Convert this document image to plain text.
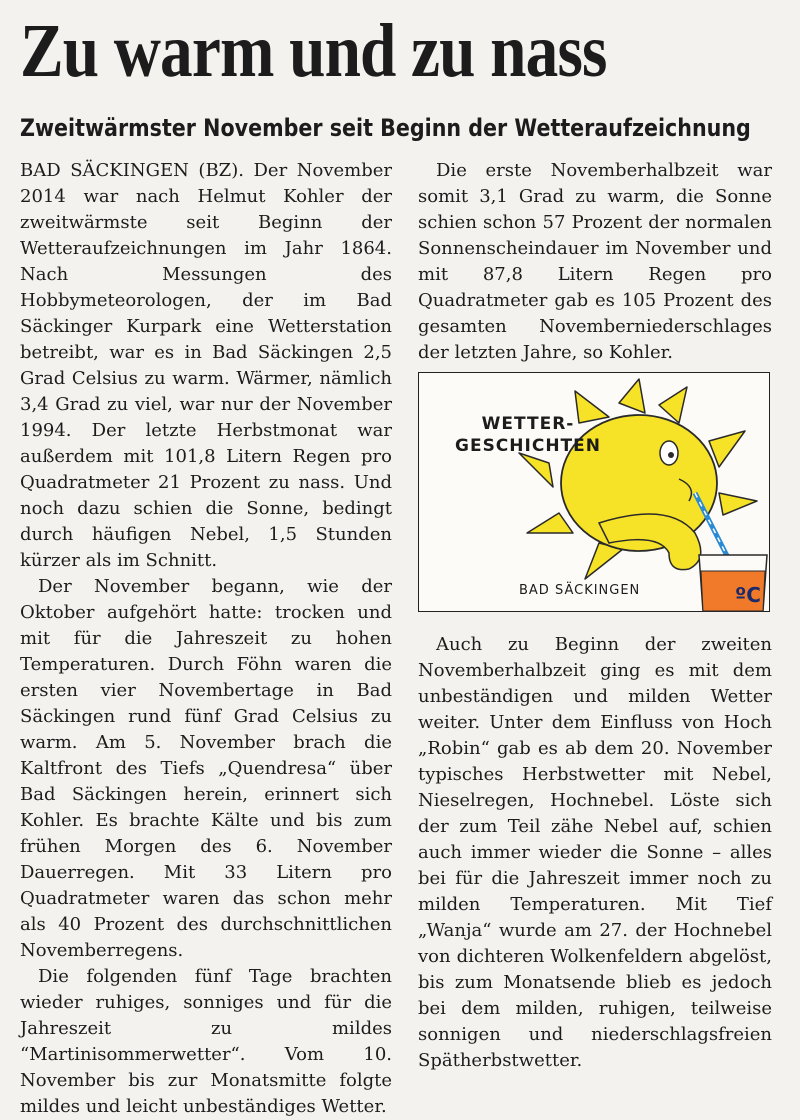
Zu warm und zu nass
Zweitwärmster November seit Beginn der Wetteraufzeichnung

BAD SÄCKINGEN (BZ). Der November 2014 war nach Helmut Kohler der zweitwärmste seit Beginn der Wetteraufzeichnungen im Jahr 1864. Nach Messungen des Hobbymeteorologen, der im Bad Säckinger Kurpark eine Wetterstation betreibt, war es in Bad Säckingen 2,5 Grad Celsius zu warm. Wärmer, nämlich 3,4 Grad zu viel, war nur der November 1994. Der letzte Herbstmonat war außerdem mit 101,8 Litern Regen pro Quadratmeter 21 Prozent zu nass. Und noch dazu schien die Sonne, bedingt durch häufigen Nebel, 1,5 Stunden kürzer als im Schnitt.

Der November begann, wie der Oktober aufgehört hatte: trocken und mit für die Jahreszeit zu hohen Temperaturen. Durch Föhn waren die ersten vier Novembertage in Bad Säckingen rund fünf Grad Celsius zu warm. Am 5. November brach die Kaltfront des Tiefs „Quendresa“ über Bad Säckingen herein, erinnert sich Kohler. Es brachte Kälte und bis zum frühen Morgen des 6. November Dauerregen. Mit 33 Litern pro Quadratmeter waren das schon mehr als 40 Prozent des durchschnittlichen Novemberregens.

Die folgenden fünf Tage brachten wieder ruhiges, sonniges und für die Jahreszeit zu mildes “Martinisommerwetter“. Vom 10. November bis zur Monatsmitte folgte mildes und leicht unbeständiges Wetter.

Die erste Novemberhalbzeit war somit 3,1 Grad zu warm, die Sonne schien schon 57 Prozent der normalen Sonnenscheindauer im November und mit 87,8 Litern Regen pro Quadratmeter gab es 105 Prozent des gesamten Novemberniederschlages der letzten Jahre, so Kohler.

WETTER-
GESCHICHTEN

BAD SÄCKINGEN	ºC

Auch zu Beginn der zweiten Novemberhalbzeit ging es mit dem unbeständigen und milden Wetter weiter. Unter dem Einfluss von Hoch „Robin“ gab es ab dem 20. November typisches Herbstwetter mit Nebel, Nieselregen, Hochnebel. Löste sich der zum Teil zähe Nebel auf, schien auch immer wieder die Sonne – alles bei für die Jahreszeit immer noch zu milden Temperaturen. Mit Tief „Wanja“ wurde am 27. der Hochnebel von dichteren Wolkenfeldern abgelöst, bis zum Monatsende blieb es jedoch bei dem milden, ruhigen, teilweise sonnigen und niederschlagsfreien Spätherbstwetter.
